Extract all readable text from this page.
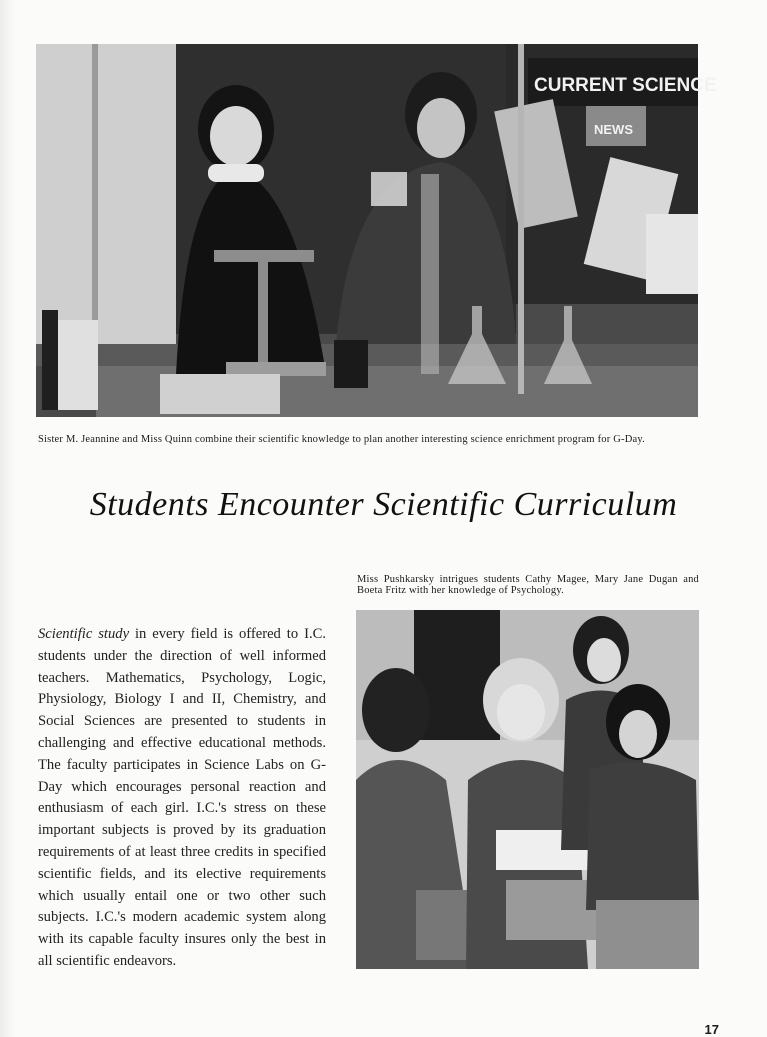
CURRENT SCIENCE
NEWS
Sister M. Jeannine and Miss Quinn combine their scientific knowledge to plan another interesting science enrichment program for G-Day.
Students Encounter Scientific Curriculum
Miss Pushkarsky intrigues students Cathy Magee, Mary Jane Dugan and Boeta Fritz with her knowledge of Psychology.
Scientific study in every field is offered to I.C. students under the direction of well informed teachers. Mathematics, Psychology, Logic, Physiology, Biology I and II, Chemistry, and Social Sciences are presented to students in challenging and effective educational methods. The faculty participates in Science Labs on G-Day which encourages personal reaction and enthusiasm of each girl. I.C.'s stress on these important subjects is proved by its graduation requirements of at least three credits in specified scientific fields, and its elective requirements which usually entail one or two other such subjects. I.C.'s modern academic system along with its capable faculty insures only the best in all scientific endeavors.
17
